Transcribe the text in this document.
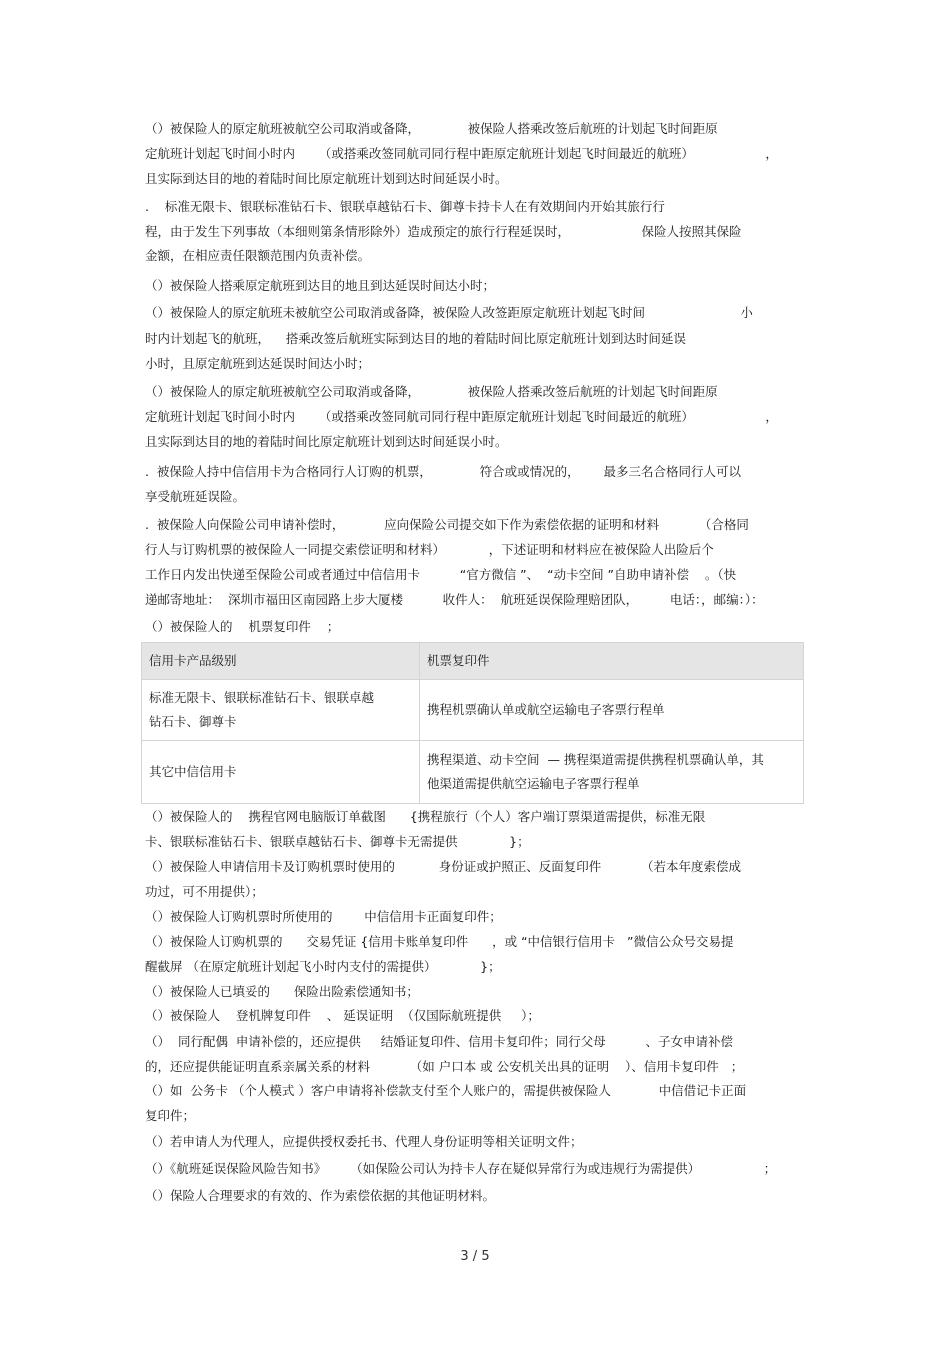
（）被保险人的原定航班被航空公司取消或备降，            被保险人搭乘改签后航班的计划起飞时间距原
定航班计划起飞时间小时内      （或搭乘改签同航司同行程中距原定航班计划起飞时间最近的航班）                  ，
且实际到达目的地的着陆时间比原定航班计划到达时间延误小时。
.    标准无限卡、银联标准钻石卡、银联卓越钻石卡、御尊卡持卡人在有效期间内开始其旅行行
程，由于发生下列事故（本细则第条情形除外）造成预定的旅行行程延误时，                  保险人按照其保险
金额，在相应责任限额范围内负责补偿。
（）被保险人搭乘原定航班到达目的地且到达延误时间达小时；
（）被保险人的原定航班未被航空公司取消或备降，被保险人改签距原定航班计划起飞时间                        小
时内计划起飞的航班，    搭乘改签后航班实际到达目的地的着陆时间比原定航班计划到达时间延误
小时，且原定航班到达延误时间达小时；
（）被保险人的原定航班被航空公司取消或备降，            被保险人搭乘改签后航班的计划起飞时间距原
定航班计划起飞时间小时内      （或搭乘改签同航司同行程中距原定航班计划起飞时间最近的航班）                  ，
且实际到达目的地的着陆时间比原定航班计划到达时间延误小时。
.  被保险人持中信信用卡为合格同行人订购的机票，            符合或或情况的，      最多三名合格同行人可以
享受航班延误险。
.  被保险人向保险公司申请补偿时，          应向保险公司提交如下作为索偿依据的证明和材料          （合格同
行人与订购机票的被保险人一同提交索偿证明和材料）           ，下述证明和材料应在被保险人出险后个
工作日内发出快递至保险公司或者通过中信信用卡          “官方微信 ”、  “动卡空间 ”自助申请补偿    。（快
递邮寄地址：  深圳市福田区南园路上步大厦楼          收件人：  航班延误保险理赔团队，        电话：，邮编：）：
（）被保险人的    机票复印件    ；
（）被保险人的    携程官网电脑版订单截图      {携程旅行（个人）客户端订票渠道需提供，标准无限
卡、银联标准钻石卡、银联卓越钻石卡、御尊卡无需提供             }；
（）被保险人申请信用卡及订购机票时使用的           身份证或护照正、反面复印件          （若本年度索偿成
功过，可不用提供）；
（）被保险人订购机票时所使用的        中信信用卡正面复印件；
（）被保险人订购机票的      交易凭证 {信用卡账单复印件      ，或 “中信银行信用卡   ”微信公众号交易提
醒截屏 （在原定航班计划起飞小时内支付的需提供）           }；
（）被保险人已填妥的      保险出险索偿通知书；
（）被保险人    登机牌复印件    、 延误证明  （仅国际航班提供     ）；
（）  同行配偶  申请补偿的，还应提供     结婚证复印件、信用卡复印件；同行父母          、子女申请补偿
的，还应提供能证明直系亲属关系的材料          （如 户口本 或 公安机关出具的证明    ）、信用卡复印件   ；
（）如  公务卡 （个人模式 ）客户申请将补偿款支付至个人账户的，需提供被保险人            中信借记卡正面
复印件；
（）若申请人为代理人，应提供授权委托书、代理人身份证明等相关证明文件；
（）《航班延误保险风险告知书》      （如保险公司认为持卡人存在疑似异常行为或违规行为需提供）                ；
（）保险人合理要求的有效的、作为索偿依据的其他证明材料。
信用卡产品级别	机票复印件

标准无限卡、银联标准钻石卡、银联卓越
钻石卡、御尊卡	携程机票确认单或航空运输电子客票行程单

其它中信信用卡	携程渠道、动卡空间  — 携程渠道需提供携程机票确认单，其
他渠道需提供航空运输电子客票行程单
3 / 5
